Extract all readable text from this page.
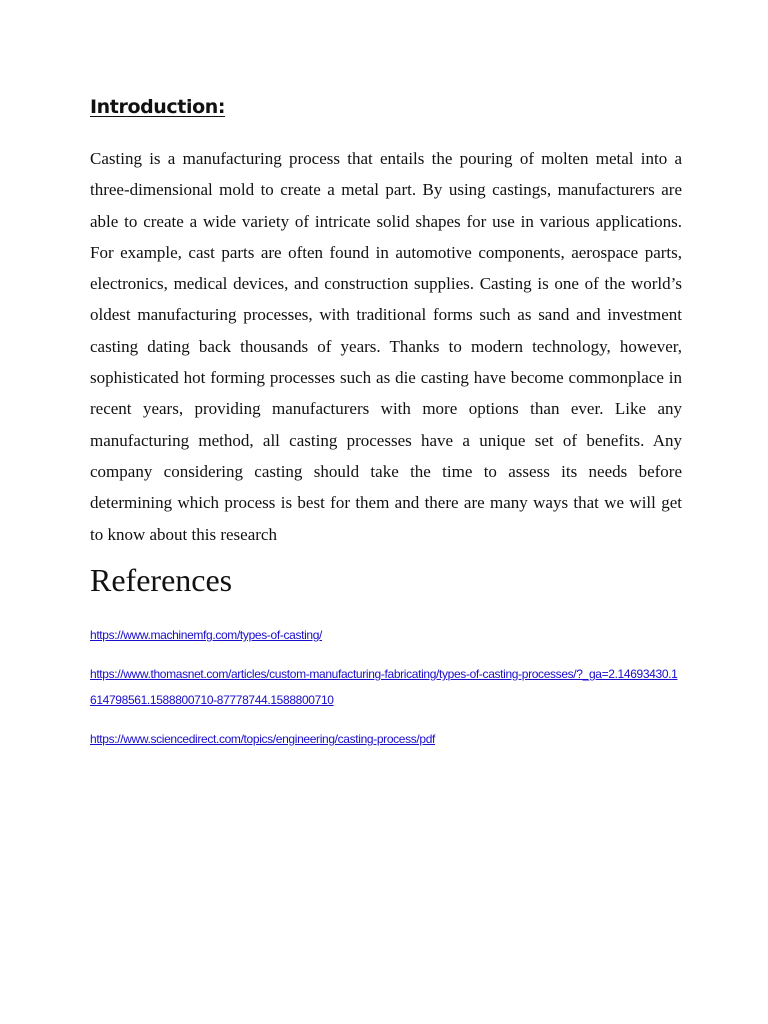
Introduction:

Casting is a manufacturing process that entails the pouring of molten metal into a three-dimensional mold to create a metal part. By using castings, manufacturers are able to create a wide variety of intricate solid shapes for use in various applications. For example, cast parts are often found in automotive components, aerospace parts, electronics, medical devices, and construction supplies. Casting is one of the world’s oldest manufacturing processes, with traditional forms such as sand and investment casting dating back thousands of years. Thanks to modern technology, however, sophisticated hot forming processes such as die casting have become commonplace in recent years, providing manufacturers with more options than ever. Like any manufacturing method, all casting processes have a unique set of benefits. Any company considering casting should take the time to assess its needs before determining which process is best for them and there are many ways that we will get to know about this research

References
https://www.machinemfg.com/types-of-casting/
https://www.thomasnet.com/articles/custom-manufacturing-fabricating/types-of-casting-processes/?_ga=2.14693430.1614798561.1588800710-87778744.1588800710
https://www.sciencedirect.com/topics/engineering/casting-process/pdf
